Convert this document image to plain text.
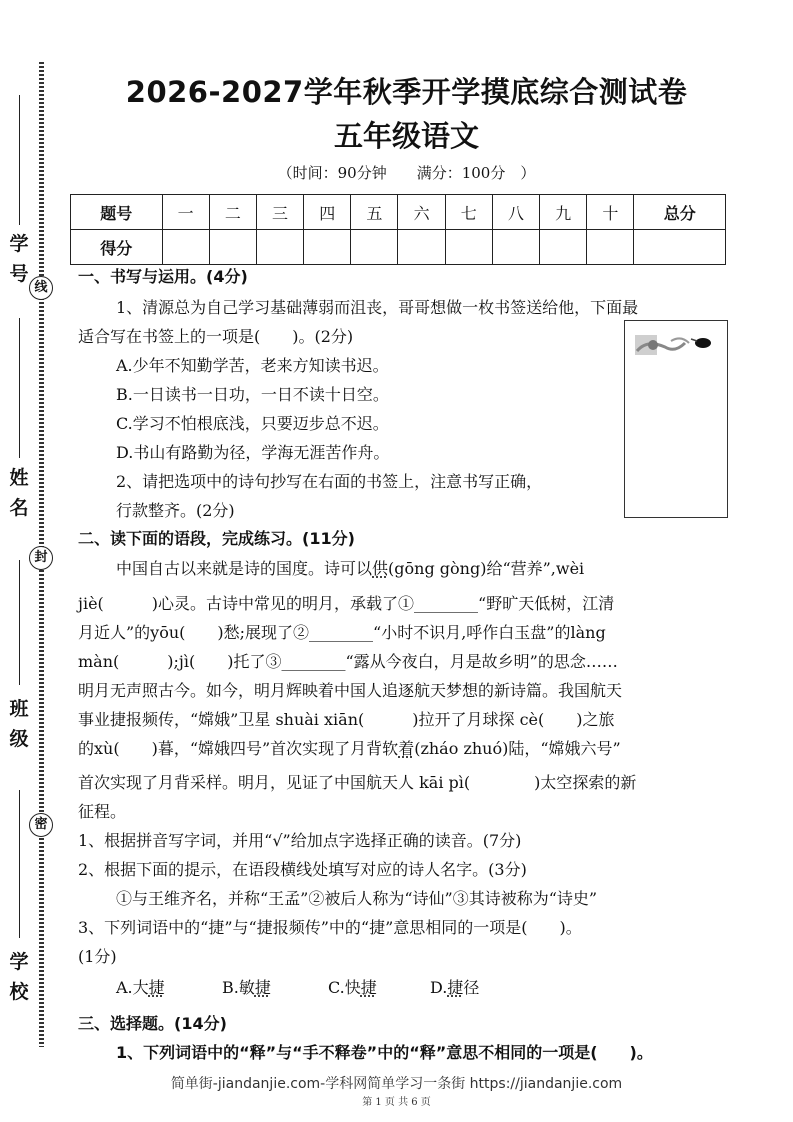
学
号
姓
名
班
级
学
校
线
封
密
2026-2027学年秋季开学摸底综合测试卷
五年级语文
（时间：90分钟　　满分：100分　）
题号	一	二	三	四	五	六	七	八	九	十	总分
得分											
一、书写与运用。(4分)
1、清源总为自己学习基础薄弱而沮丧，哥哥想做一枚书签送给他，下面最
适合写在书签上的一项是(　　)。(2分)
A.少年不知勤学苦，老来方知读书迟。
B.一日读书一日功，一日不读十日空。
C.学习不怕根底浅，只要迈步总不迟。
D.书山有路勤为径，学海无涯苦作舟。
2、请把选项中的诗句抄写在右面的书签上，注意书写正确，
行款整齐。(2分)
二、读下面的语段，完成练习。(11分)
中国自古以来就是诗的国度。诗可以供(gōng gòng)给“营养”,wèi
jiè(　　　)心灵。古诗中常见的明月，承载了①________“野旷天低树，江清
月近人”的yōu(　　)愁;展现了②________“小时不识月,呼作白玉盘”的làng
màn(　　　);jì(　　)托了③________“露从今夜白，月是故乡明”的思念……
明月无声照古今。如今，明月辉映着中国人追逐航天梦想的新诗篇。我国航天
事业捷报频传，“嫦娥”卫星 shuài xiān(　　　)拉开了月球探 cè(　　)之旅
的xù(　　)暮，“嫦娥四号”首次实现了月背软着(zháo zhuó)陆，“嫦娥六号”
首次实现了月背采样。明月，见证了中国航天人 kāi pì(　　　　)太空探索的新
征程。
1、根据拼音写字词，并用“√”给加点字选择正确的读音。(7分)
2、根据下面的提示，在语段横线处填写对应的诗人名字。(3分)
①与王维齐名，并称“王孟”②被后人称为“诗仙”③其诗被称为“诗史”
3、下列词语中的“捷”与“捷报频传”中的“捷”意思相同的一项是(　　)。
(1分)
A.大捷	B.敏捷	C.快捷	D.捷径
三、选择题。(14分)
1、下列词语中的“释”与“手不释卷”中的“释”意思不相同的一项是(　　)。
简单街-jiandanjie.com-学科网简单学习一条街 https://jiandanjie.com
第 1 页 共 6 页
